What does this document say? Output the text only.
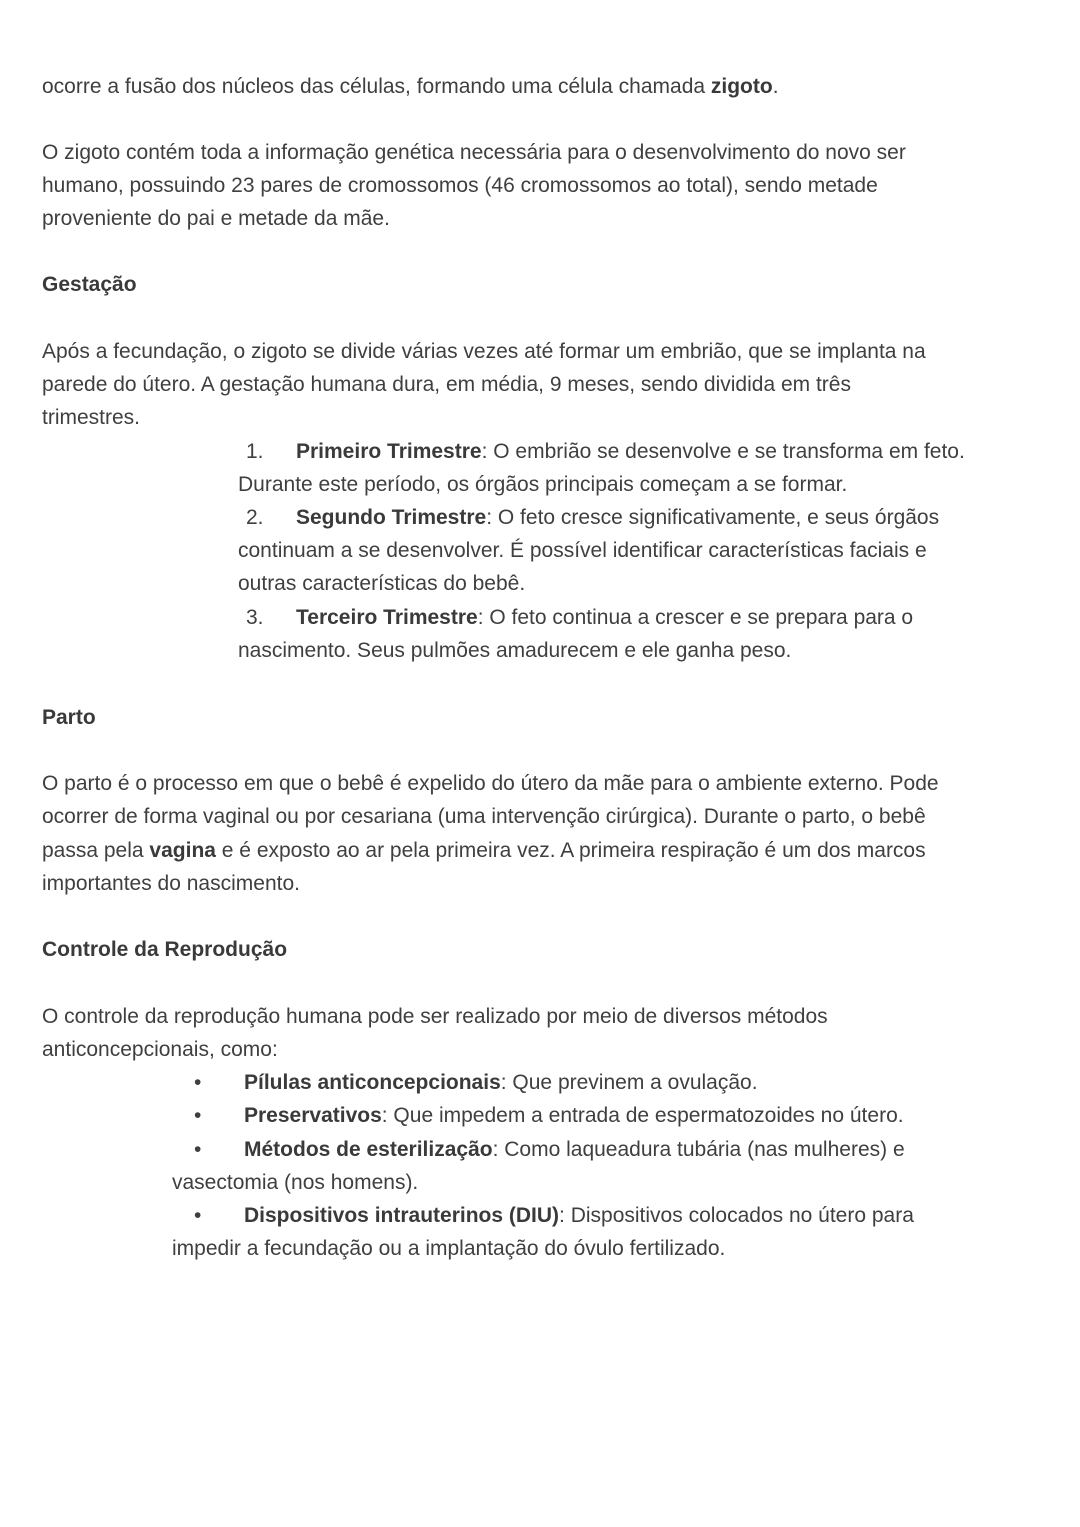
ocorre a fusão dos núcleos das células, formando uma célula chamada zigoto.
O zigoto contém toda a informação genética necessária para o desenvolvimento do novo ser
humano, possuindo 23 pares de cromossomos (46 cromossomos ao total), sendo metade
proveniente do pai e metade da mãe.
Gestação
Após a fecundação, o zigoto se divide várias vezes até formar um embrião, que se implanta na
parede do útero. A gestação humana dura, em média, 9 meses, sendo dividida em três
trimestres.
1. Primeiro Trimestre: O embrião se desenvolve e se transforma em feto.
Durante este período, os órgãos principais começam a se formar.
2. Segundo Trimestre: O feto cresce significativamente, e seus órgãos
continuam a se desenvolver. É possível identificar características faciais e
outras características do bebê.
3. Terceiro Trimestre: O feto continua a crescer e se prepara para o
nascimento. Seus pulmões amadurecem e ele ganha peso.
Parto
O parto é o processo em que o bebê é expelido do útero da mãe para o ambiente externo. Pode
ocorrer de forma vaginal ou por cesariana (uma intervenção cirúrgica). Durante o parto, o bebê
passa pela vagina e é exposto ao ar pela primeira vez. A primeira respiração é um dos marcos
importantes do nascimento.
Controle da Reprodução
O controle da reprodução humana pode ser realizado por meio de diversos métodos
anticoncepcionais, como:
• Pílulas anticoncepcionais: Que previnem a ovulação.
• Preservativos: Que impedem a entrada de espermatozoides no útero.
• Métodos de esterilização: Como laqueadura tubária (nas mulheres) e
vasectomia (nos homens).
• Dispositivos intrauterinos (DIU): Dispositivos colocados no útero para
impedir a fecundação ou a implantação do óvulo fertilizado.
